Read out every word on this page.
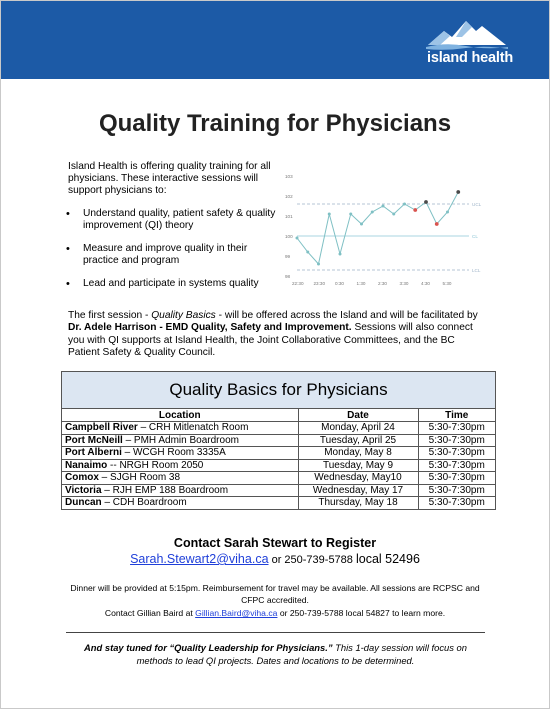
island health
Quality Training for Physicians
Island Health is offering quality training for all physicians. These interactive sessions will support physicians to:
• Understand quality, patient safety & quality improvement (QI) theory
• Measure and improve quality in their practice and program
• Lead and participate in systems quality
98
99
100
101
102
103
22:30 23:30 0:30	1:30	2:30	3:30	4:30	5:30
UCL
CL
LCL
The first session - Quality Basics - will be offered across the Island and will be facilitated by Dr. Adele Harrison - EMD Quality, Safety and Improvement. Sessions will also connect you with QI supports at Island Health, the Joint Collaborative Committees, and the BC Patient Safety & Quality Council.
Quality Basics for Physicians
Location	Date	Time
Campbell River – CRH Mitlenatch Room	Monday, April 24	5:30-7:30pm
Port McNeill – PMH Admin Boardroom	Tuesday, April 25	5:30-7:30pm
Port Alberni – WCGH Room 3335A	Monday, May 8	5:30-7:30pm
Nanaimo -- NRGH Room 2050	Tuesday, May 9	5:30-7:30pm
Comox – SJGH Room 38	Wednesday, May10	5:30-7:30pm
Victoria – RJH EMP 188 Boardroom	Wednesday, May 17	5:30-7:30pm
Duncan – CDH Boardroom	Thursday, May 18	5:30-7:30pm
Contact Sarah Stewart to Register
Sarah.Stewart2@viha.ca or 250-739-5788 local 52496
Dinner will be provided at 5:15pm. Reimbursement for travel may be available. All sessions are RCPSC and CFPC accredited.
Contact Gillian Baird at Gillian.Baird@viha.ca or 250-739-5788 local 54827 to learn more.
And stay tuned for “Quality Leadership for Physicians.” This 1-day session will focus on methods to lead QI projects. Dates and locations to be determined.
